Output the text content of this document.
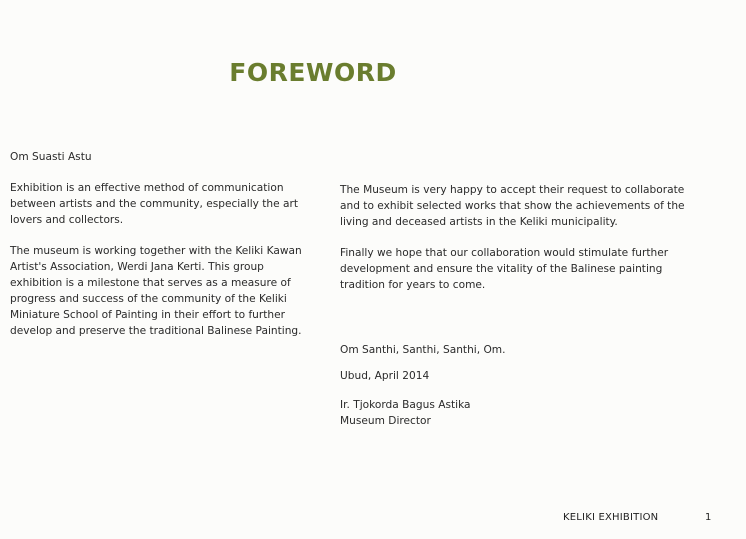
FOREWORD

Om Suasti Astu

Exhibition is an effective method of communication between artists and the community, especially the art lovers and collectors.

The museum is working together with the Keliki Kawan Artist's Association, Werdi Jana Kerti. This group exhibition is a milestone that serves as a measure of progress and success of the community of the Keliki Miniature School of Painting in their effort to further develop and preserve the traditional Balinese Painting.

The Museum is very happy to accept their request to collaborate and to exhibit selected works that show the achievements of the living and deceased artists in the Keliki municipality.

Finally we hope that our collaboration would stimulate further development and ensure the vitality of the Balinese painting tradition for years to come.

Om Santhi, Santhi, Santhi, Om.

Ubud, April 2014

Ir. Tjokorda Bagus Astika

Museum Director

KELIKI EXHIBITION	1
